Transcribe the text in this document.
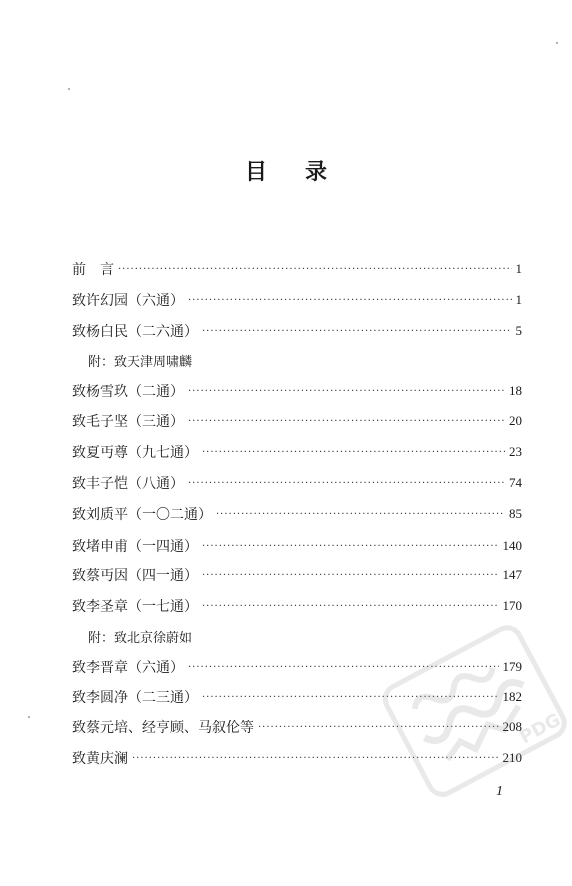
目 录
前　言 ·····	1
致许幻园（六通） ·····	1
致杨白民（二六通） ·····	5
附：致天津周啸麟
致杨雪玖（二通） ·····	18
致毛子坚（三通） ·····	20
致夏丏尊（九七通） ·····	23
致丰子恺（八通） ·····	74
致刘质平（一〇二通） ·····	85
致堵申甫（一四通） ·····	140
致蔡丏因（四一通） ·····	147
致李圣章（一七通） ·····	170
附：致北京徐蔚如
致李晋章（六通） ·····	179
致李圆净（二三通） ·····	182
致蔡元培、经亨顾、马叙伦等 ·····	208
致黄庆澜 ·····	210
PDG
1
